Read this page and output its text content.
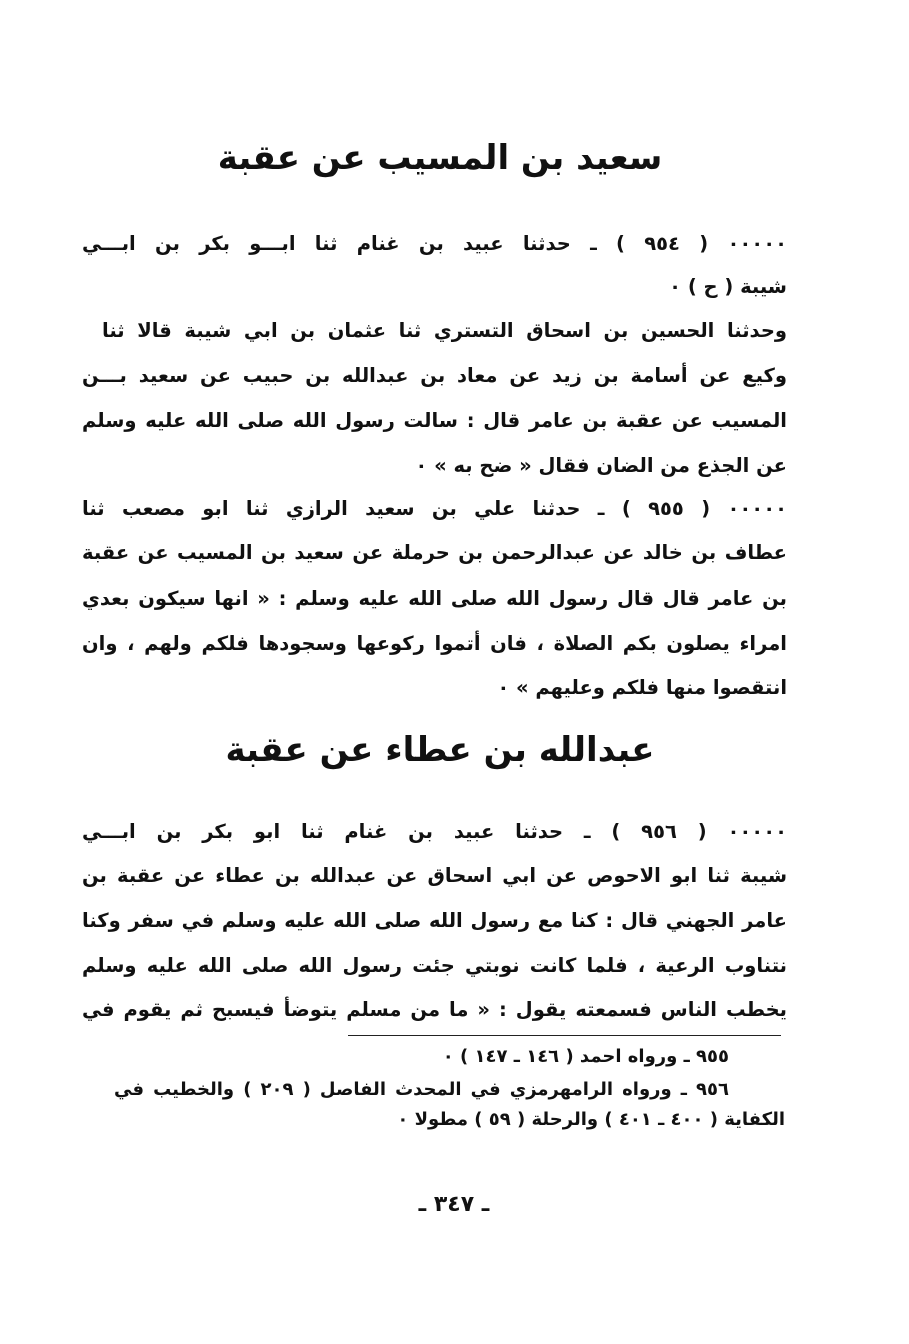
سعيد بن المسيب عن عقبة
٠٠٠٠٠ ( ٩٥٤ ) ـ حدثنا عبيد بن غنام ثنا ابـــو بكر بن ابـــي
شيبة ( ح ) ٠
وحدثنا الحسين بن اسحاق التستري ثنا عثمان بن ابي شيبة قالا ثنا
وكيع عن أسامة بن زيد عن معاد بن عبدالله بن حبيب عن سعيد بـــن
المسيب عن عقبة بن عامر قال : سالت رسول الله صلى الله عليه وسلم
عن الجذع من الضان فقال « ضح به » ٠
٠٠٠٠٠ ( ٩٥٥ ) ـ حدثنا علي بن سعيد الرازي ثنا ابو مصعب ثنا
عطاف بن خالد عن عبدالرحمن بن حرملة عن سعيد بن المسيب عن عقبة
بن عامر قال قال رسول الله صلى الله عليه وسلم : « انها سيكون بعدي
امراء يصلون بكم الصلاة ، فان أتموا ركوعها وسجودها فلكم ولهم ، وان
انتقصوا منها فلكم وعليهم » ٠
عبدالله بن عطاء عن عقبة
٠٠٠٠٠ ( ٩٥٦ ) ـ حدثنا عبيد بن غنام ثنا ابو بكر بن ابـــي
شيبة ثنا ابو الاحوص عن ابي اسحاق عن عبدالله بن عطاء عن عقبة بن
عامر الجهني قال : كنا مع رسول الله صلى الله عليه وسلم في سفر وكنا
نتناوب الرعية ، فلما كانت نوبتي جئت رسول الله صلى الله عليه وسلم
يخطب الناس فسمعته يقول : « ما من مسلم يتوضأ فيسبح ثم يقوم في
٩٥٥ ـ ورواه احمد ( ١٤٦ ـ ١٤٧ ) ٠
٩٥٦ ـ ورواه الرامهرمزي في المحدث الفاصل ( ٢٠٩ ) والخطيب في
الكفاية ( ٤٠٠ ـ ٤٠١ ) والرحلة ( ٥٩ ) مطولا ٠
ـ ٣٤٧ ـ
